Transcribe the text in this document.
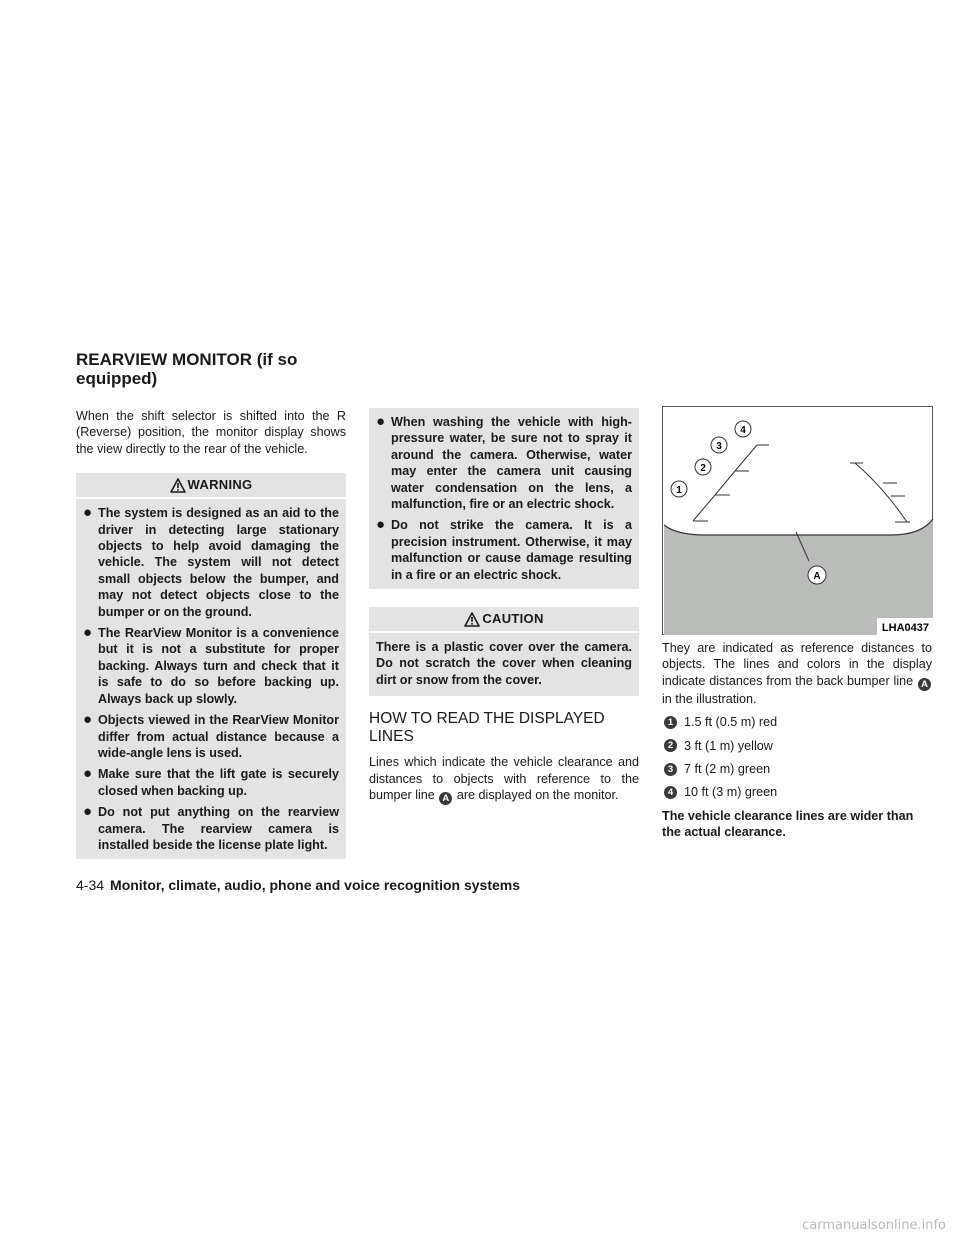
REARVIEW MONITOR (if so equipped)

When the shift selector is shifted into the R (Reverse) position, the monitor display shows the view directly to the rear of the vehicle.

WARNING
● The system is designed as an aid to the driver in detecting large stationary objects to help avoid damaging the vehicle. The system will not detect small objects below the bumper, and may not detect objects close to the bumper or on the ground.
● The RearView Monitor is a convenience but it is not a substitute for proper backing. Always turn and check that it is safe to do so before backing up. Always back up slowly.
● Objects viewed in the RearView Monitor differ from actual distance because a wide-angle lens is used.
● Make sure that the lift gate is securely closed when backing up.
● Do not put anything on the rearview camera. The rearview camera is installed beside the license plate light.
● When washing the vehicle with high-pressure water, be sure not to spray it around the camera. Otherwise, water may enter the camera unit causing water condensation on the lens, a malfunction, fire or an electric shock.
● Do not strike the camera. It is a precision instrument. Otherwise, it may malfunction or cause damage resulting in a fire or an electric shock.
CAUTION

There is a plastic cover over the camera. Do not scratch the cover when cleaning dirt or snow from the cover.

HOW TO READ THE DISPLAYED LINES

Lines which indicate the vehicle clearance and distances to objects with reference to the bumper line A are displayed on the monitor.

1
2
3
4
A
LHA0437

They are indicated as reference distances to objects. The lines and colors in the display indicate distances from the back bumper line A in the illustration.

1 1.5 ft (0.5 m) red
2 3 ft (1 m) yellow
3 7 ft (2 m) green
4 10 ft (3 m) green

The vehicle clearance lines are wider than the actual clearance.

4-34 Monitor, climate, audio, phone and voice recognition systems
carmanualsonline.info
